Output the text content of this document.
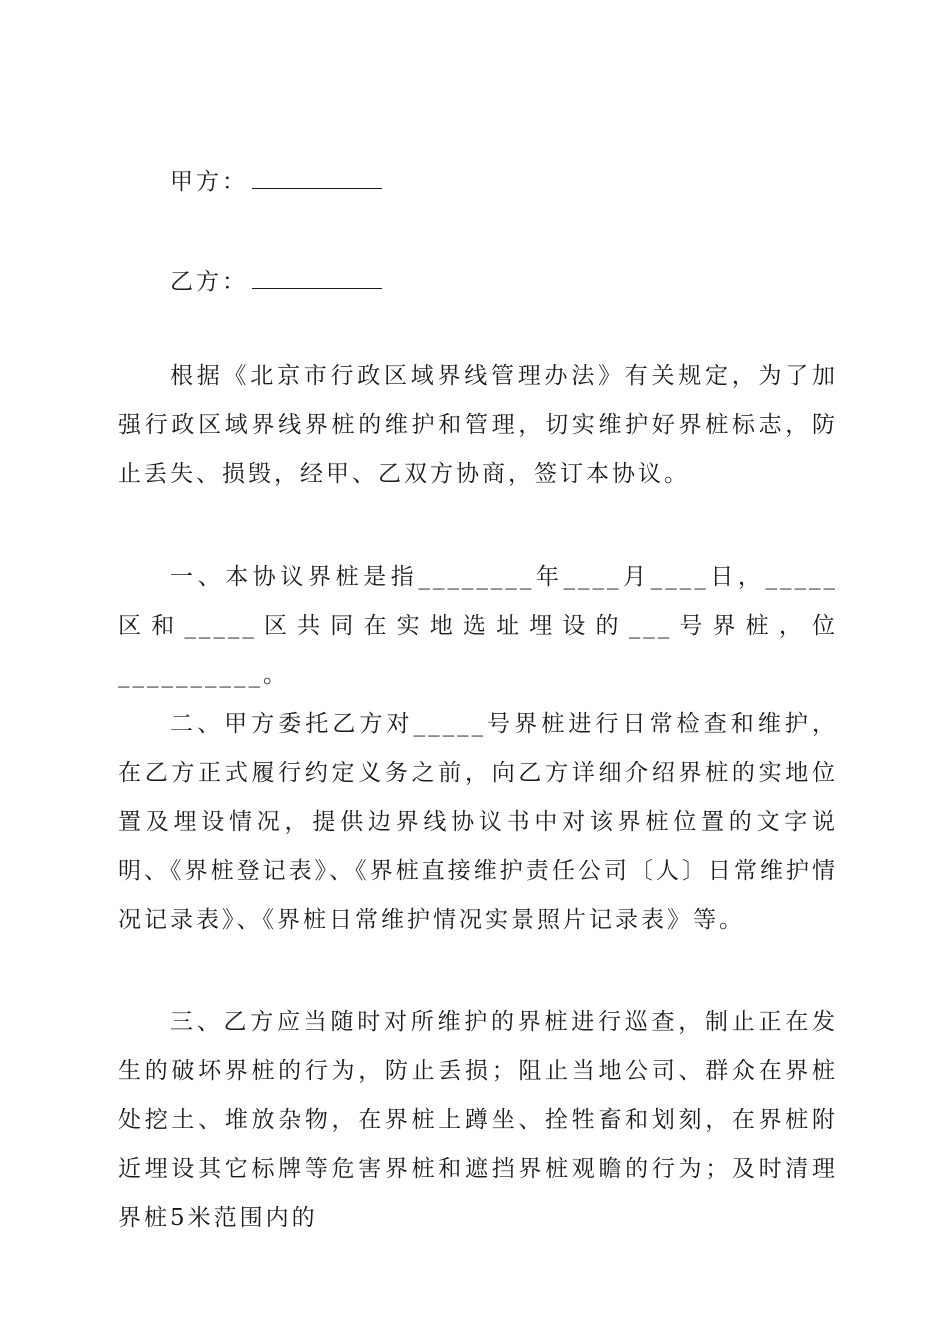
甲方：

乙方：

根据《北京市行政区域界线管理办法》有关规定，为了加强行政区域界线界桩的维护和管理，切实维护好界桩标志，防止丢失、损毁，经甲、乙双方协商，签订本协议。

一、本协议界桩是指________年____月____日，_____区和_____区共同在实地选址埋设的___号界桩，位__________。

二、甲方委托乙方对_____号界桩进行日常检查和维护，在乙方正式履行约定义务之前，向乙方详细介绍界桩的实地位置及埋设情况，提供边界线协议书中对该界桩位置的文字说明、《界桩登记表》、《界桩直接维护责任公司〔人〕日常维护情况记录表》、《界桩日常维护情况实景照片记录表》等。

三、乙方应当随时对所维护的界桩进行巡查，制止正在发生的破坏界桩的行为，防止丢损；阻止当地公司、群众在界桩处挖土、堆放杂物，在界桩上蹲坐、拴牲畜和划刻，在界桩附近埋设其它标牌等危害界桩和遮挡界桩观瞻的行为；及时清理界桩5米范围内的
